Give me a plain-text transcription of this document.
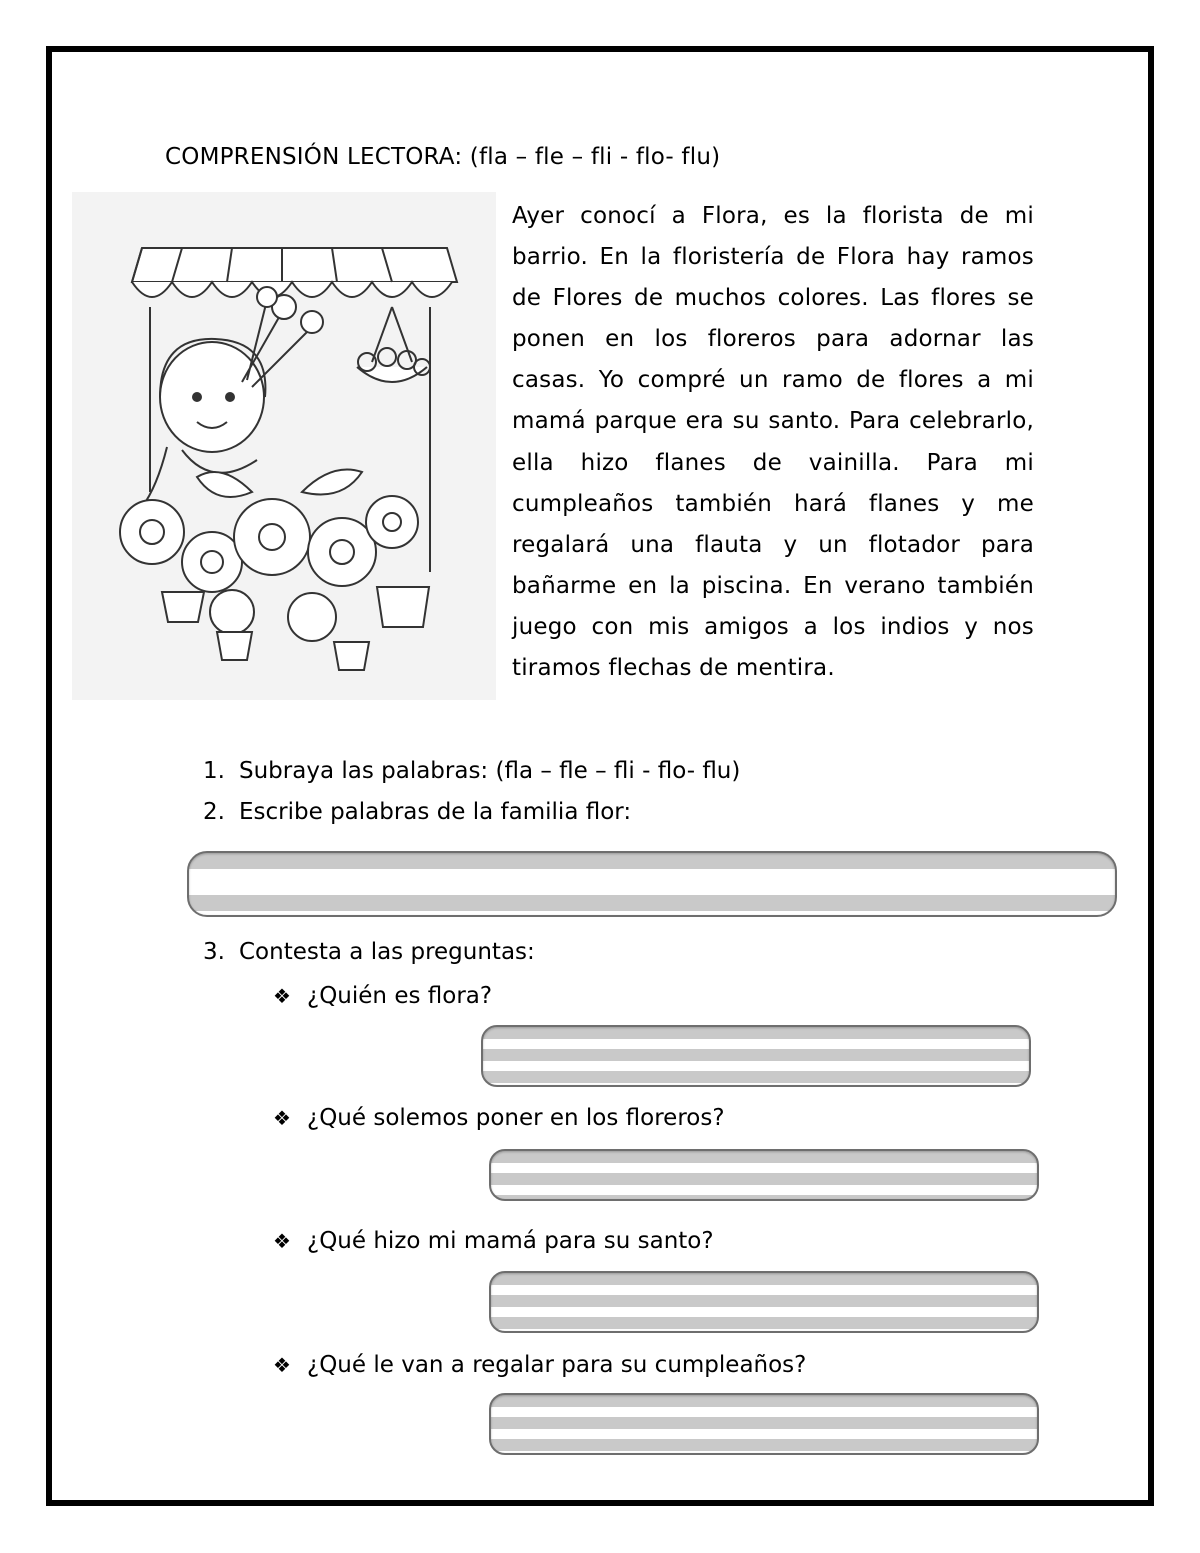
COMPRENSIÓN LECTORA: (fla – fle – fli - flo- flu)

Ayer conocí a Flora, es la florista de mi barrio. En la floristería de Flora hay ramos de Flores de muchos colores. Las flores se ponen en los floreros para adornar las casas. Yo compré un ramo de flores a mi mamá parque era su santo. Para celebrarlo, ella hizo flanes de vainilla. Para mi cumpleaños también hará flanes y me regalará una flauta y un flotador para bañarme en la piscina. En verano también juego con mis amigos a los indios y nos tiramos flechas de mentira.

1. Subraya las palabras: (fla – fle – fli - flo- flu)
2. Escribe palabras de la familia flor:
3. Contesta a las preguntas:
❖ ¿Quién es flora?
❖ ¿Qué solemos poner en los floreros?
❖ ¿Qué hizo mi mamá para su santo?
❖ ¿Qué le van a regalar para su cumpleaños?
